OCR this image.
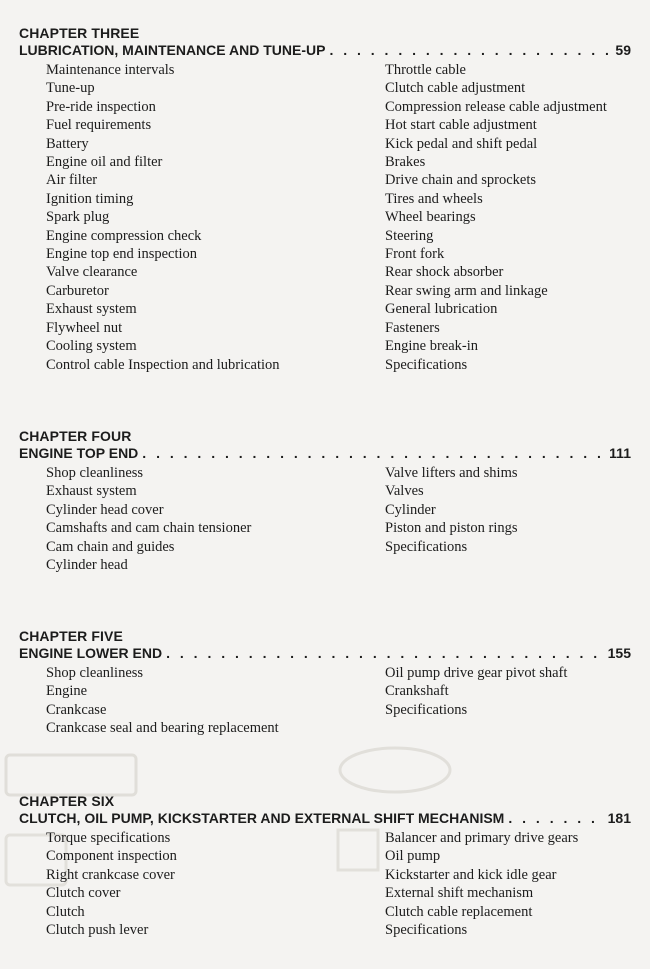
CHAPTER THREE
LUBRICATION, MAINTENANCE AND TUNE-UP . . .	59
Maintenance intervals
Tune-up
Pre-ride inspection
Fuel requirements
Battery
Engine oil and filter
Air filter
Ignition timing
Spark plug
Engine compression check
Engine top end inspection
Valve clearance
Carburetor
Exhaust system
Flywheel nut
Cooling system
Control cable Inspection and lubrication
Throttle cable
Clutch cable adjustment
Compression release cable adjustment
Hot start cable adjustment
Kick pedal and shift pedal
Brakes
Drive chain and sprockets
Tires and wheels
Wheel bearings
Steering
Front fork
Rear shock absorber
Rear swing arm and linkage
General lubrication
Fasteners
Engine break-in
Specifications
CHAPTER FOUR
ENGINE TOP END . . .	111
Shop cleanliness
Exhaust system
Cylinder head cover
Camshafts and cam chain tensioner
Cam chain and guides
Cylinder head
Valve lifters and shims
Valves
Cylinder
Piston and piston rings
Specifications
CHAPTER FIVE
ENGINE LOWER END . . .	155
Shop cleanliness
Engine
Crankcase
Crankcase seal and bearing replacement
Oil pump drive gear pivot shaft
Crankshaft
Specifications
CHAPTER SIX
CLUTCH, OIL PUMP, KICKSTARTER AND EXTERNAL SHIFT MECHANISM . . .	181
Torque specifications
Component inspection
Right crankcase cover
Clutch cover
Clutch
Clutch push lever
Balancer and primary drive gears
Oil pump
Kickstarter and kick idle gear
External shift mechanism
Clutch cable replacement
Specifications
